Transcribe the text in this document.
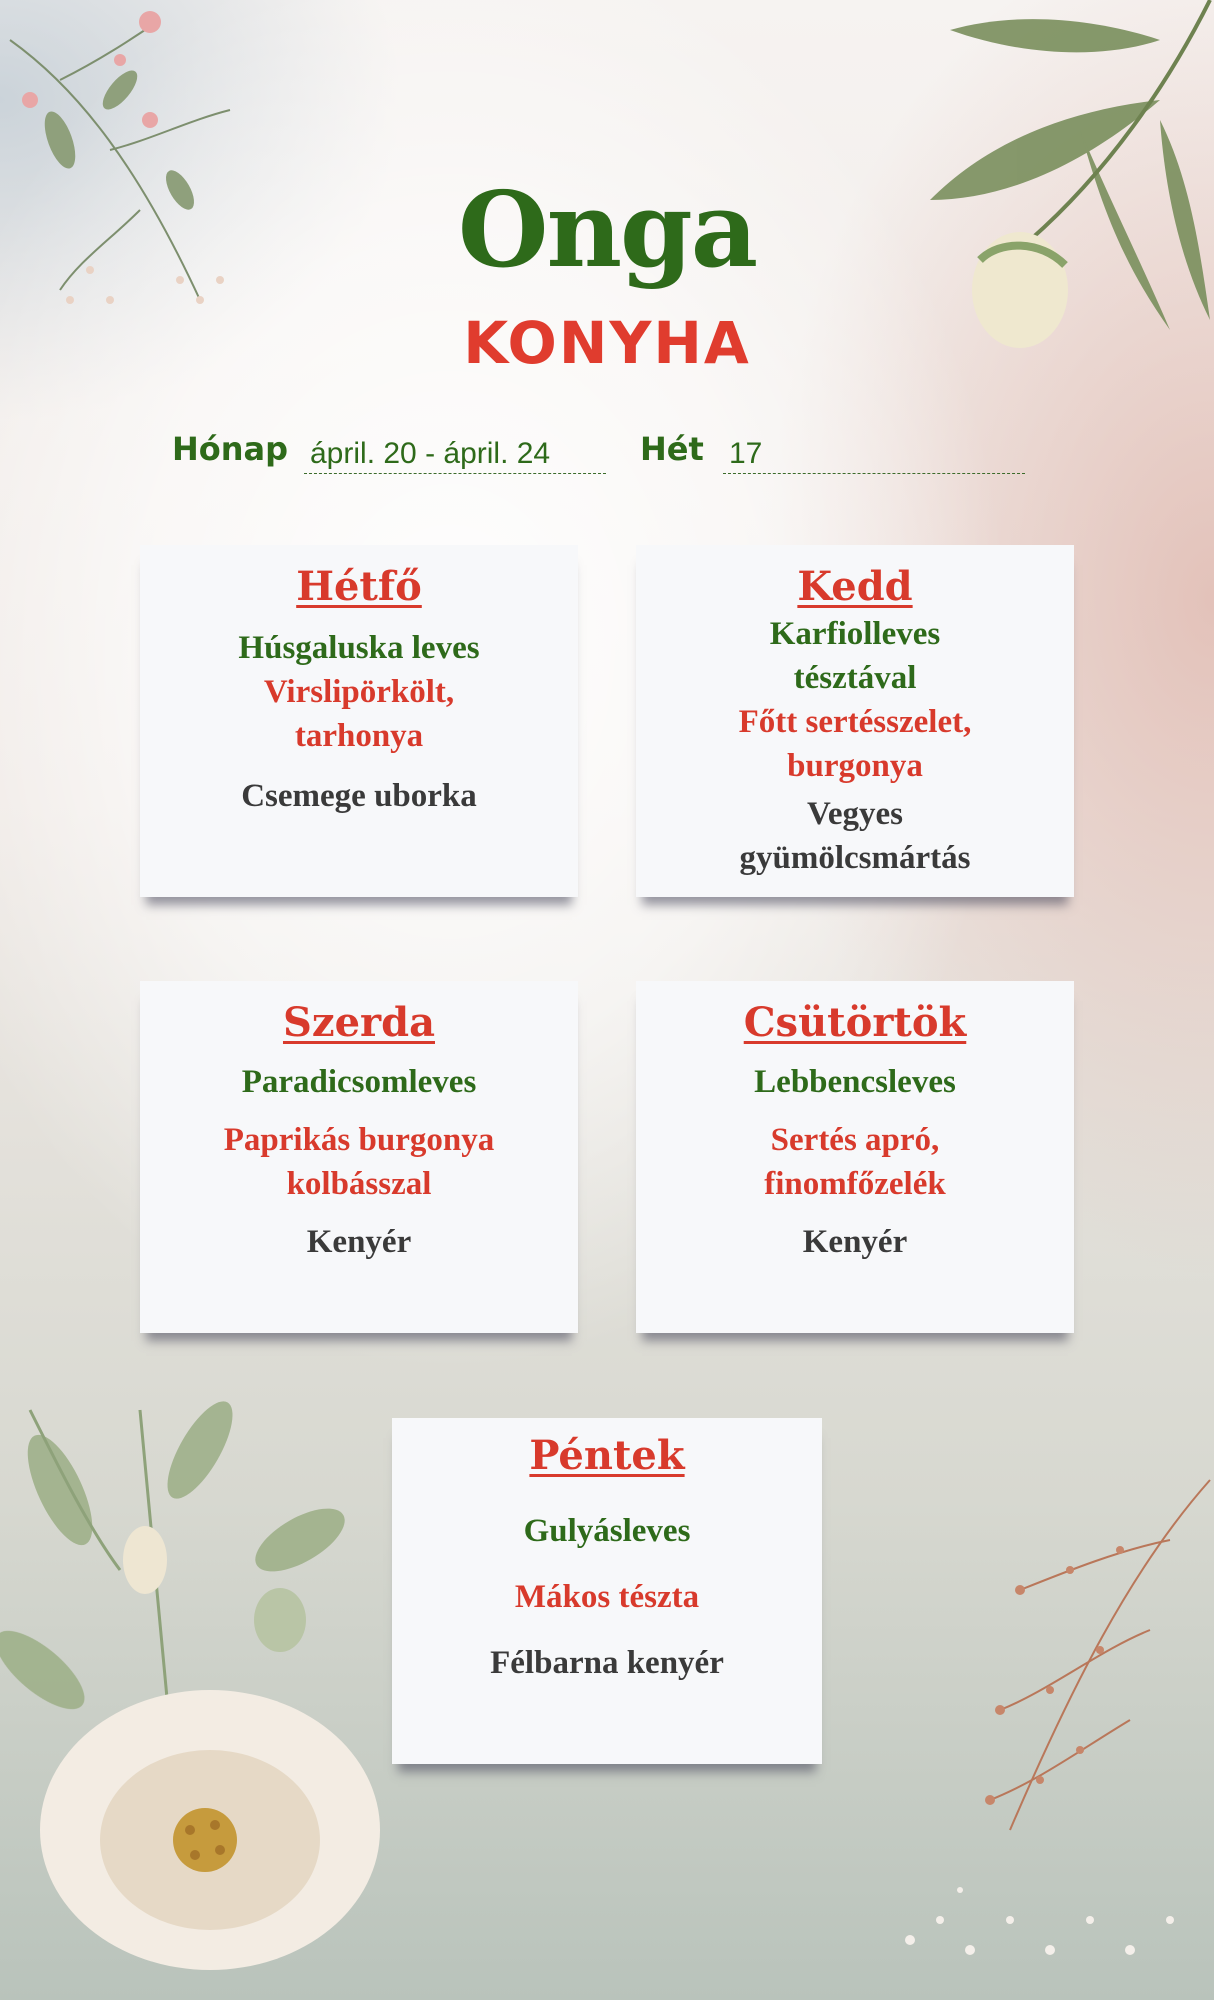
Onga
KONYHA
Hónap ápril. 20 - ápril. 24	Hét 17
Hétfő
Húsgaluska leves
Virslipörkölt, tarhonya
Csemege uborka
Kedd
Karfiolleves tésztával
Főtt sertésszelet, burgonya
Vegyes gyümölcsmártás
Szerda
Paradicsomleves
Paprikás burgonya kolbásszal
Kenyér
Csütörtök
Lebbencsleves
Sertés apró, finomfőzelék
Kenyér
Péntek
Gulyásleves
Mákos tészta
Félbarna kenyér
